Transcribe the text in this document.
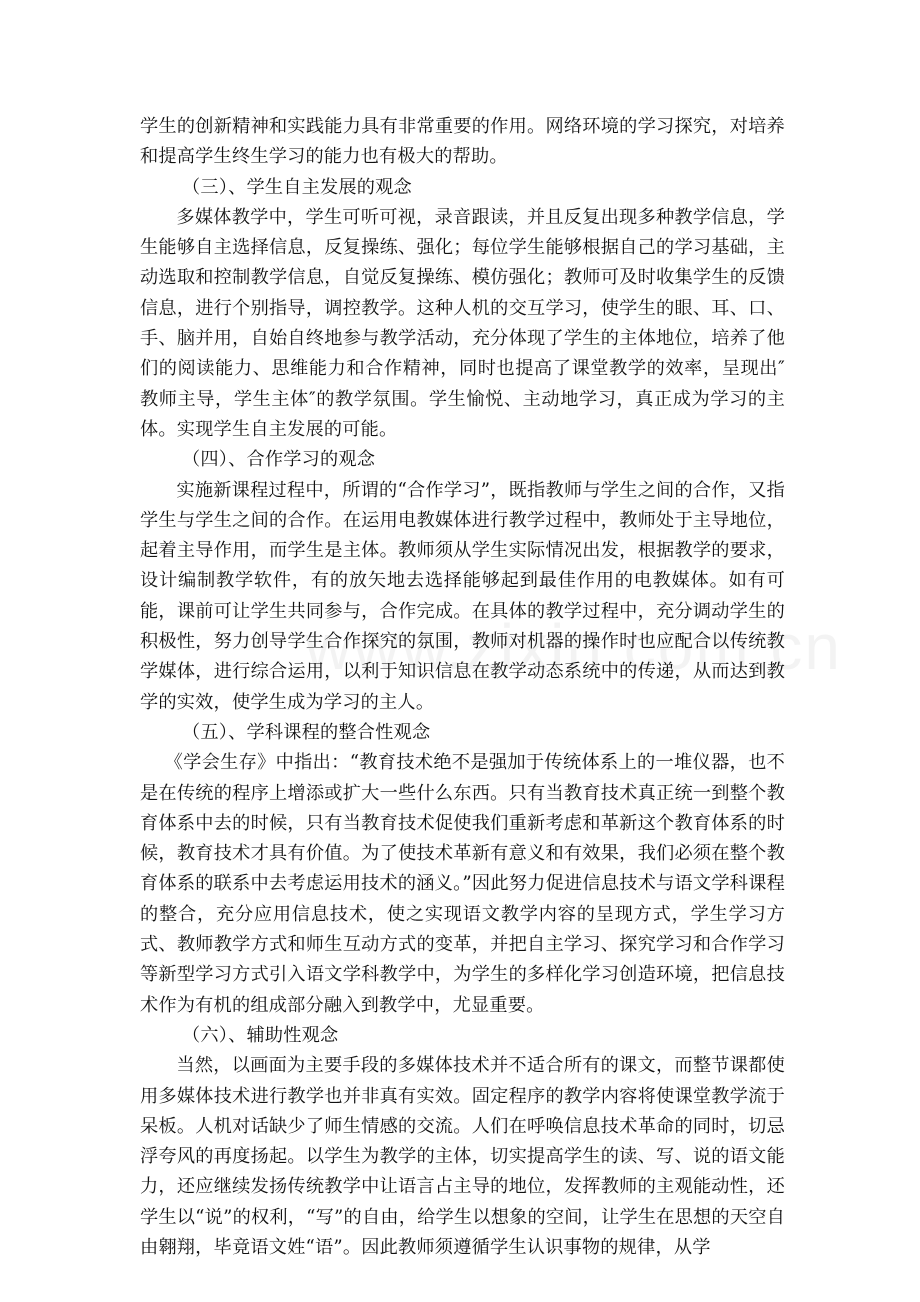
学生的创新精神和实践能力具有非常重要的作用。网络环境的学习探究，对培养和提高学生终生学习的能力也有极大的帮助。

（三）、学生自主发展的观念

多媒体教学中，学生可听可视，录音跟读，并且反复出现多种教学信息，学生能够自主选择信息，反复操练、强化；每位学生能够根据自己的学习基础，主动选取和控制教学信息，自觉反复操练、模仿强化；教师可及时收集学生的反馈信息，进行个别指导，调控教学。这种人机的交互学习，使学生的眼、耳、口、手、脑并用，自始自终地参与教学活动，充分体现了学生的主体地位，培养了他们的阅读能力、思维能力和合作精神，同时也提高了课堂教学的效率，呈现出″教师主导，学生主体″的教学氛围。学生愉悦、主动地学习，真正成为学习的主体。实现学生自主发展的可能。

（四）、合作学习的观念

实施新课程过程中，所谓的“合作学习”，既指教师与学生之间的合作，又指学生与学生之间的合作。在运用电教媒体进行教学过程中，教师处于主导地位，起着主导作用，而学生是主体。教师须从学生实际情况出发，根据教学的要求，设计编制教学软件，有的放矢地去选择能够起到最佳作用的电教媒体。如有可能，课前可让学生共同参与，合作完成。在具体的教学过程中，充分调动学生的积极性，努力创导学生合作探究的氛围，教师对机器的操作时也应配合以传统教学媒体，进行综合运用，以利于知识信息在教学动态系统中的传递，从而达到教学的实效，使学生成为学习的主人。

（五）、学科课程的整合性观念

《学会生存》中指出：“教育技术绝不是强加于传统体系上的一堆仪器，也不是在传统的程序上增添或扩大一些什么东西。只有当教育技术真正统一到整个教育体系中去的时候，只有当教育技术促使我们重新考虑和革新这个教育体系的时候，教育技术才具有价值。为了使技术革新有意义和有效果，我们必须在整个教育体系的联系中去考虑运用技术的涵义。”因此努力促进信息技术与语文学科课程的整合，充分应用信息技术，使之实现语文教学内容的呈现方式，学生学习方式、教师教学方式和师生互动方式的变革，并把自主学习、探究学习和合作学习等新型学习方式引入语文学科教学中，为学生的多样化学习创造环境，把信息技术作为有机的组成部分融入到教学中，尤显重要。

（六）、辅助性观念

当然，以画面为主要手段的多媒体技术并不适合所有的课文，而整节课都使用多媒体技术进行教学也并非真有实效。固定程序的教学内容将使课堂教学流于呆板。人机对话缺少了师生情感的交流。人们在呼唤信息技术革命的同时，切忌浮夸风的再度扬起。以学生为教学的主体，切实提高学生的读、写、说的语文能力，还应继续发扬传统教学中让语言占主导的地位，发挥教师的主观能动性，还学生以“说”的权利，“写”的自由，给学生以想象的空间，让学生在思想的天空自由翱翔，毕竟语文姓“语”。因此教师须遵循学生认识事物的规律，从学
